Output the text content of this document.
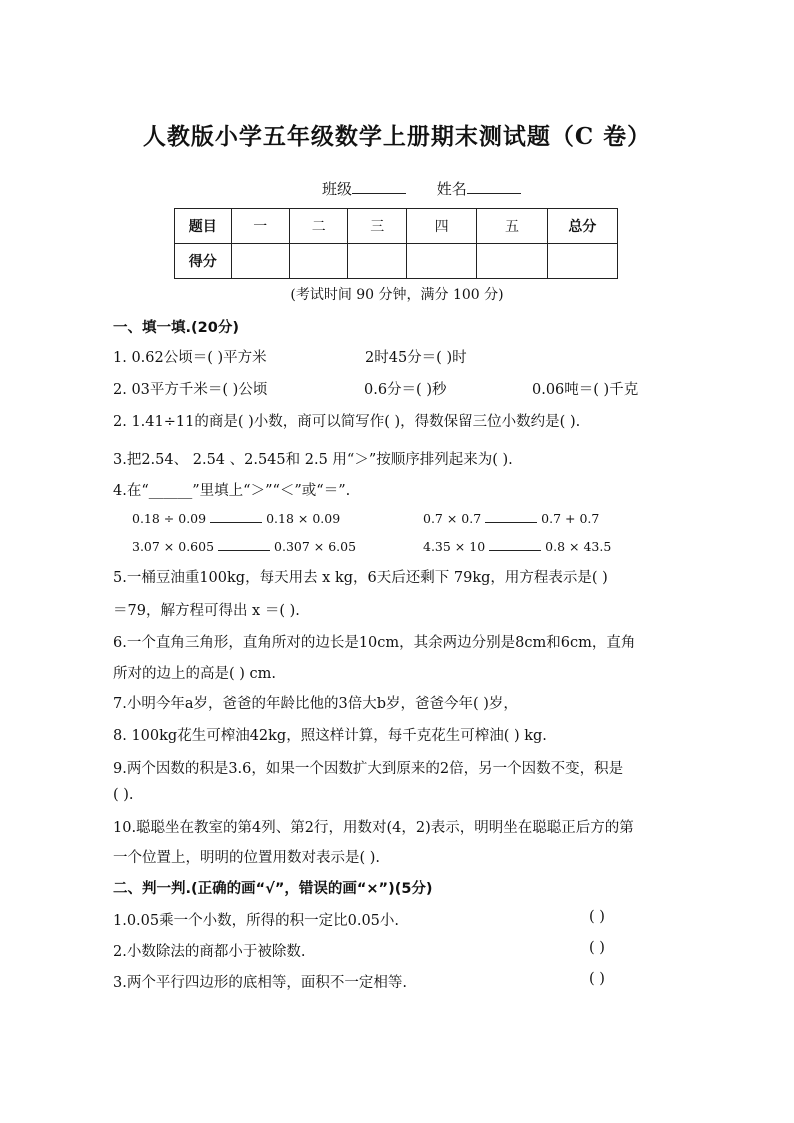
人教版小学五年级数学上册期末测试题（C 卷）
班级	姓名
题目	一	二	三	四	五	总分
得分						
(考试时间 90 分钟，满分 100 分)
一、填一填.(20分)
1. 0.62公顷＝( )平方米	2时45分＝( )时
2. 03平方千米＝( )公顷	0.6分＝( )秒	0.06吨＝( )千克
2. 1.41÷11的商是( )小数，商可以简写作( )，得数保留三位小数约是( ).
3.把2.54、 2.54 、2.545和 2.5 用“＞”按顺序排列起来为( ).
4.在“______”里填上“＞”“＜”或“＝”.
0.18 ÷ 0.09	0.18 × 0.09	0.7 × 0.7	0.7 + 0.7
3.07 × 0.605	0.307 × 6.05	4.35 × 10	0.8 × 43.5
5.一桶豆油重100kg，每天用去 x kg，6天后还剩下 79kg，用方程表示是( )
＝79，解方程可得出 x ＝( ).
6.一个直角三角形，直角所对的边长是10cm，其余两边分别是8cm和6cm，直角
所对的边上的高是( ) cm.
7.小明今年a岁，爸爸的年龄比他的3倍大b岁，爸爸今年( )岁，
8. 100kg花生可榨油42kg，照这样计算，每千克花生可榨油( ) kg.
9.两个因数的积是3.6，如果一个因数扩大到原来的2倍，另一个因数不变，积是
( ).
10.聪聪坐在教室的第4列、第2行，用数对(4，2)表示，明明坐在聪聪正后方的第
一个位置上，明明的位置用数对表示是( ).
二、判一判.(正确的画“√”，错误的画“×”)(5分)
1.0.05乘一个小数，所得的积一定比0.05小.	( )
2.小数除法的商都小于被除数.	( )
3.两个平行四边形的底相等，面积不一定相等.	( )
